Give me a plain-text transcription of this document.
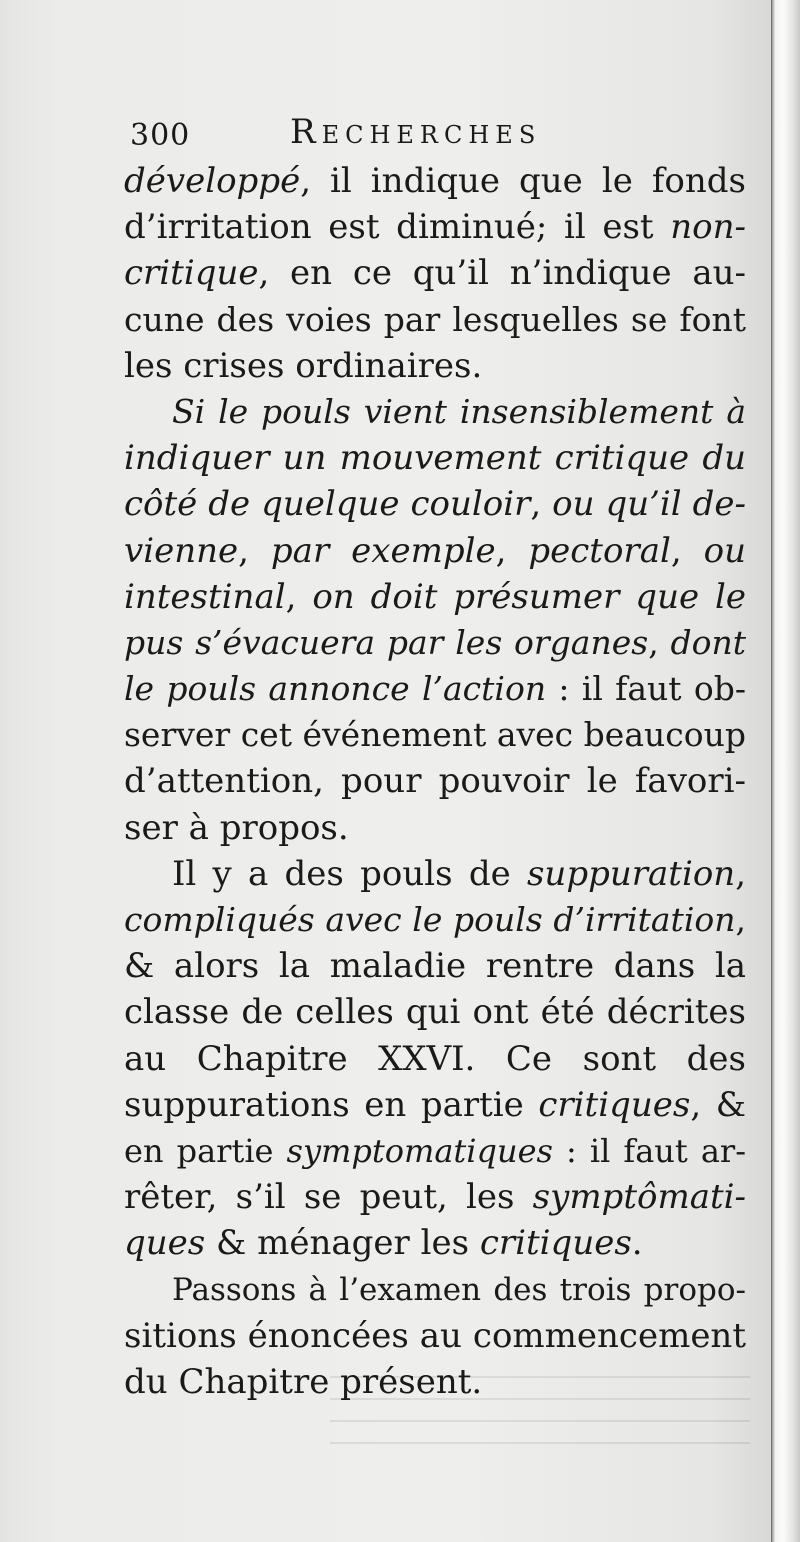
300	Recherches
développé, il indique que le fonds
d’irritation est diminué; il est non-
critique, en ce qu’il n’indique au-
cune des voies par lesquelles se font
les crises ordinaires.
Si le pouls vient insensiblement à
indiquer un mouvement critique du
côté de quelque couloir, ou qu’il de-
vienne, par exemple, pectoral, ou
intestinal, on doit présumer que le
pus s’évacuera par les organes, dont
le pouls annonce l’action : il faut ob-
server cet événement avec beaucoup
d’attention, pour pouvoir le favori-
ser à propos.
Il y a des pouls de suppuration,
compliqués avec le pouls d’irritation,
& alors la maladie rentre dans la
classe de celles qui ont été décrites
au Chapitre XXVI. Ce sont des
suppurations en partie critiques, &
en partie symptomatiques : il faut ar-
rêter, s’il se peut, les symptômati-
ques & ménager les critiques.
Passons à l’examen des trois propo-
sitions énoncées au commencement
du Chapitre présent.
